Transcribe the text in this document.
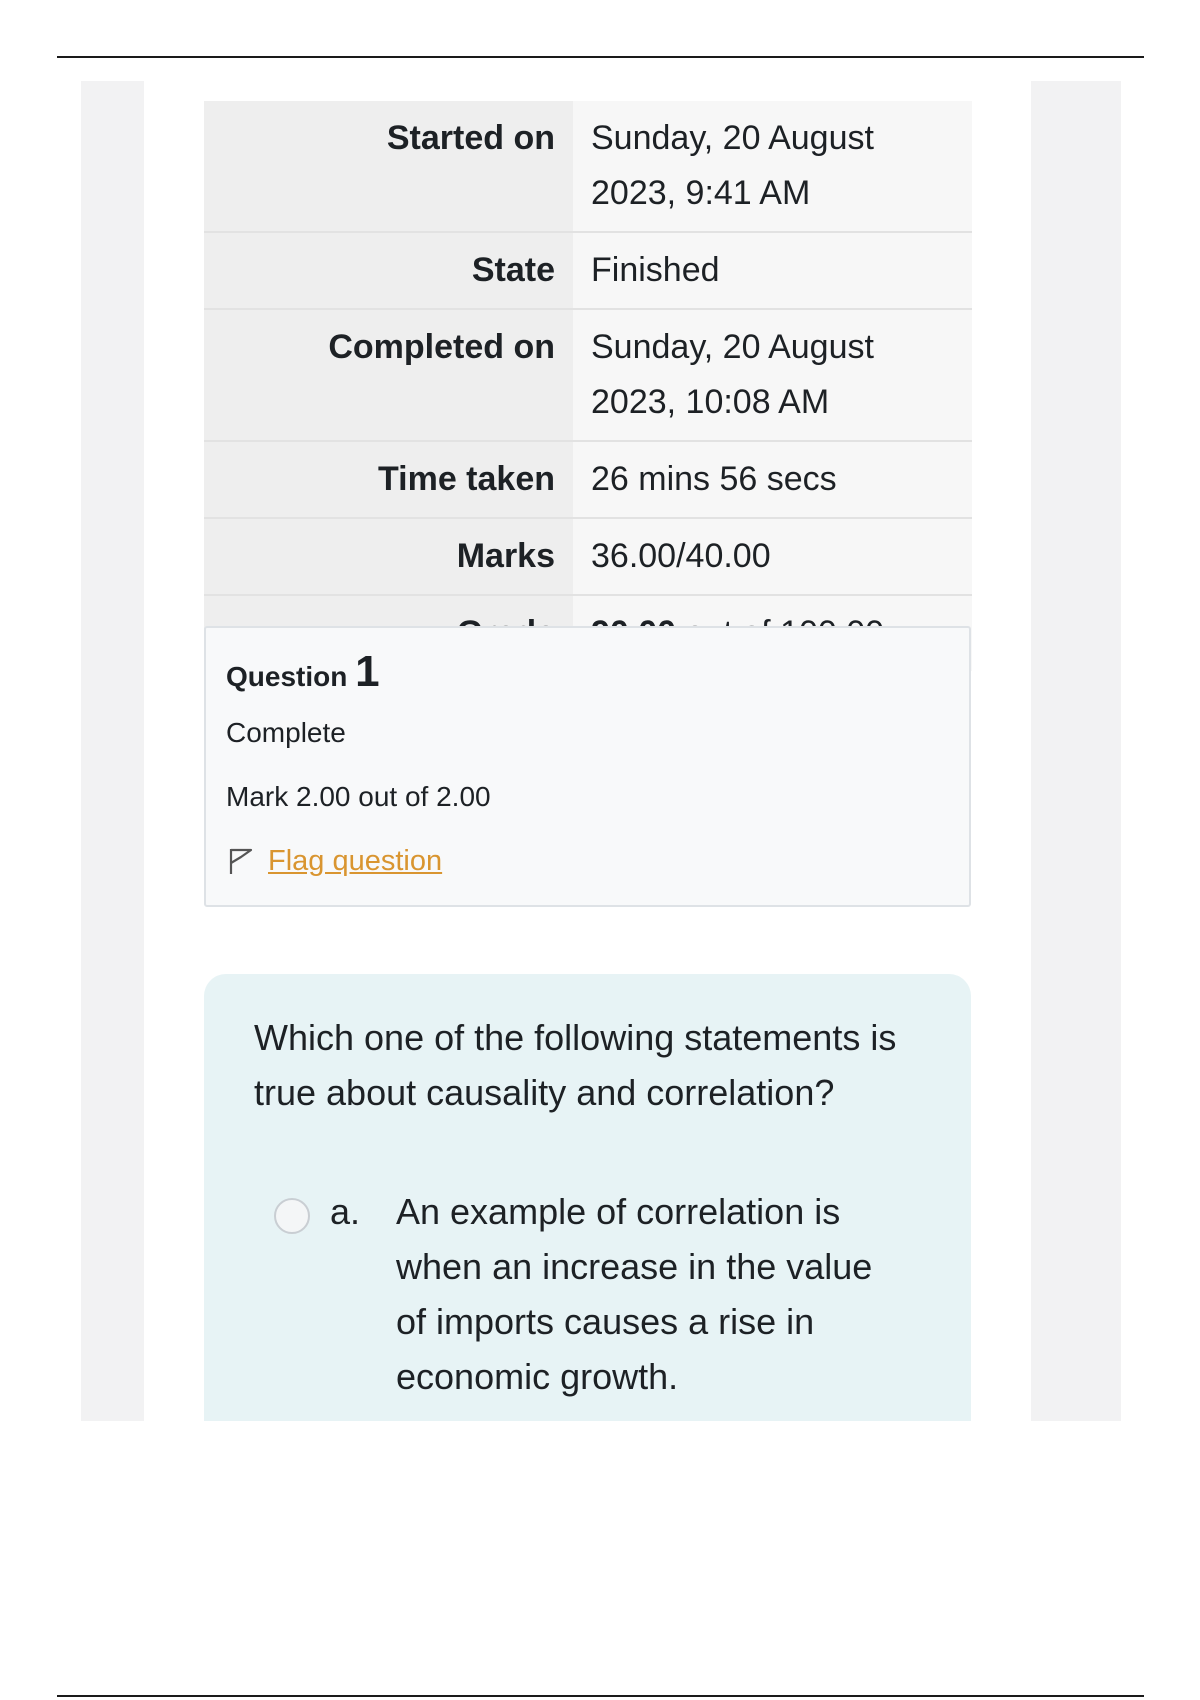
Started on	Sunday, 20 August 2023, 9:41 AM
State	Finished
Completed on	Sunday, 20 August 2023, 10:08 AM
Time taken	26 mins 56 secs
Marks	36.00/40.00

Question 1
Complete
Mark 2.00 out of 2.00
Flag question
Which one of the following statements is true about causality and correlation?
a. An example of correlation is when an increase in the value of imports causes a rise in economic growth.
